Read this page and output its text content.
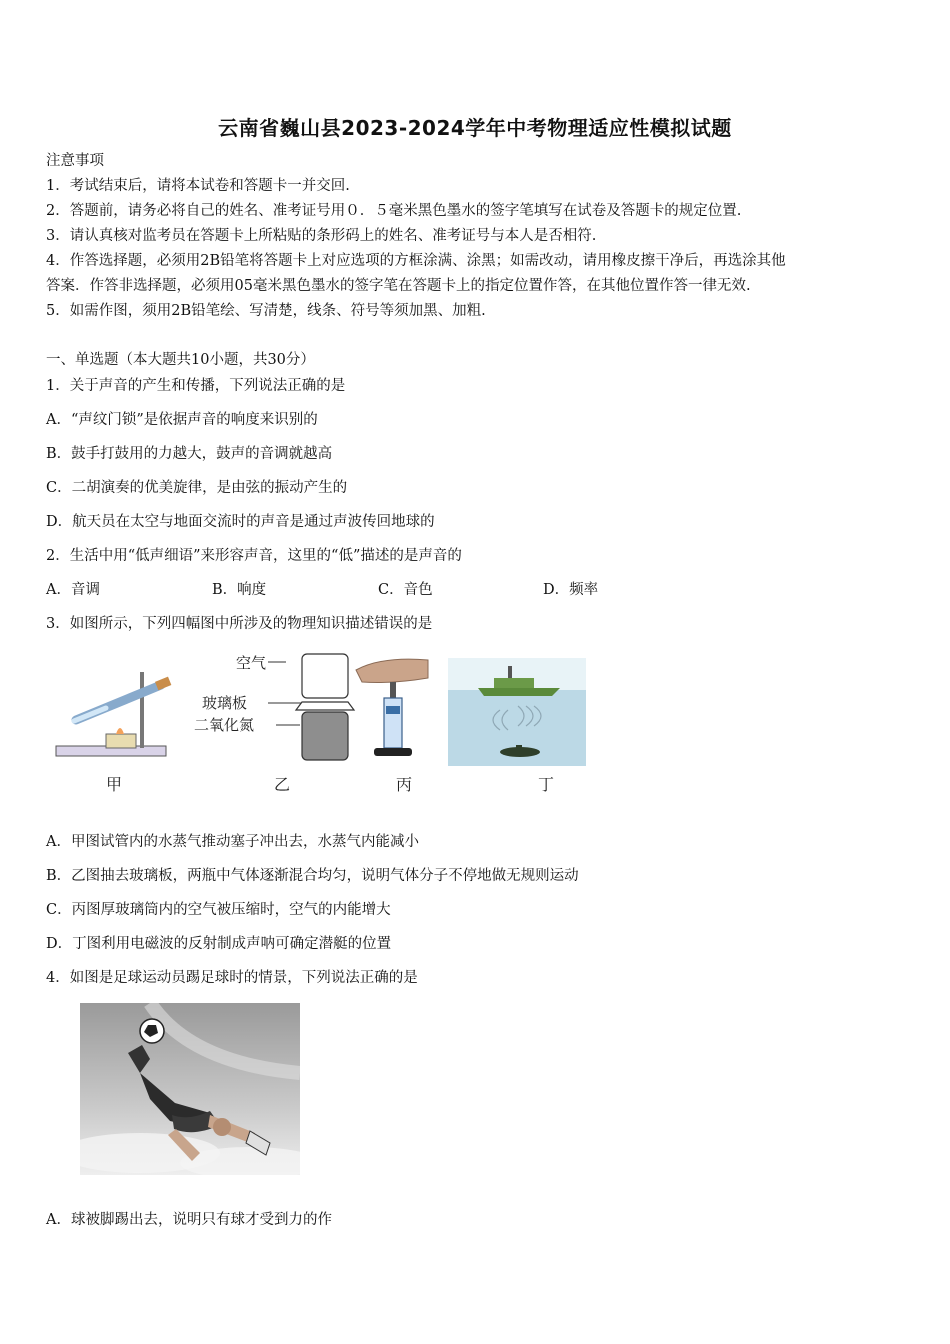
云南省巍山县2023-2024学年中考物理适应性模拟试题
注意事项
1．考试结束后，请将本试卷和答题卡一并交回.
2．答题前，请务必将自己的姓名、准考证号用０．５毫米黑色墨水的签字笔填写在试卷及答题卡的规定位置.
3．请认真核对监考员在答题卡上所粘贴的条形码上的姓名、准考证号与本人是否相符.
4．作答选择题，必须用2B铅笔将答题卡上对应选项的方框涂满、涂黑；如需改动，请用橡皮擦干净后，再选涂其他
答案．作答非选择题，必须用05毫米黑色墨水的签字笔在答题卡上的指定位置作答，在其他位置作答一律无效.
5．如需作图，须用2B铅笔绘、写清楚，线条、符号等须加黑、加粗.
一、单选题（本大题共10小题，共30分）
1．关于声音的产生和传播，下列说法正确的是
A．“声纹门锁”是依据声音的响度来识别的
B．鼓手打鼓用的力越大，鼓声的音调就越高
C．二胡演奏的优美旋律，是由弦的振动产生的
D．航天员在太空与地面交流时的声音是通过声波传回地球的
2．生活中用“低声细语”来形容声音，这里的“低”描述的是声音的
A．音调	B．响度	C．音色	D．频率
3．如图所示，下列四幅图中所涉及的物理知识描述错误的是
甲
空气
玻璃板
二氧化氮
乙	丙	丁
A．甲图试管内的水蒸气推动塞子冲出去，水蒸气内能减小
B．乙图抽去玻璃板，两瓶中气体逐渐混合均匀，说明气体分子不停地做无规则运动
C．丙图厚玻璃筒内的空气被压缩时，空气的内能增大
D．丁图利用电磁波的反射制成声呐可确定潜艇的位置
4．如图是足球运动员踢足球时的情景，下列说法正确的是
A．球被脚踢出去，说明只有球才受到力的作
